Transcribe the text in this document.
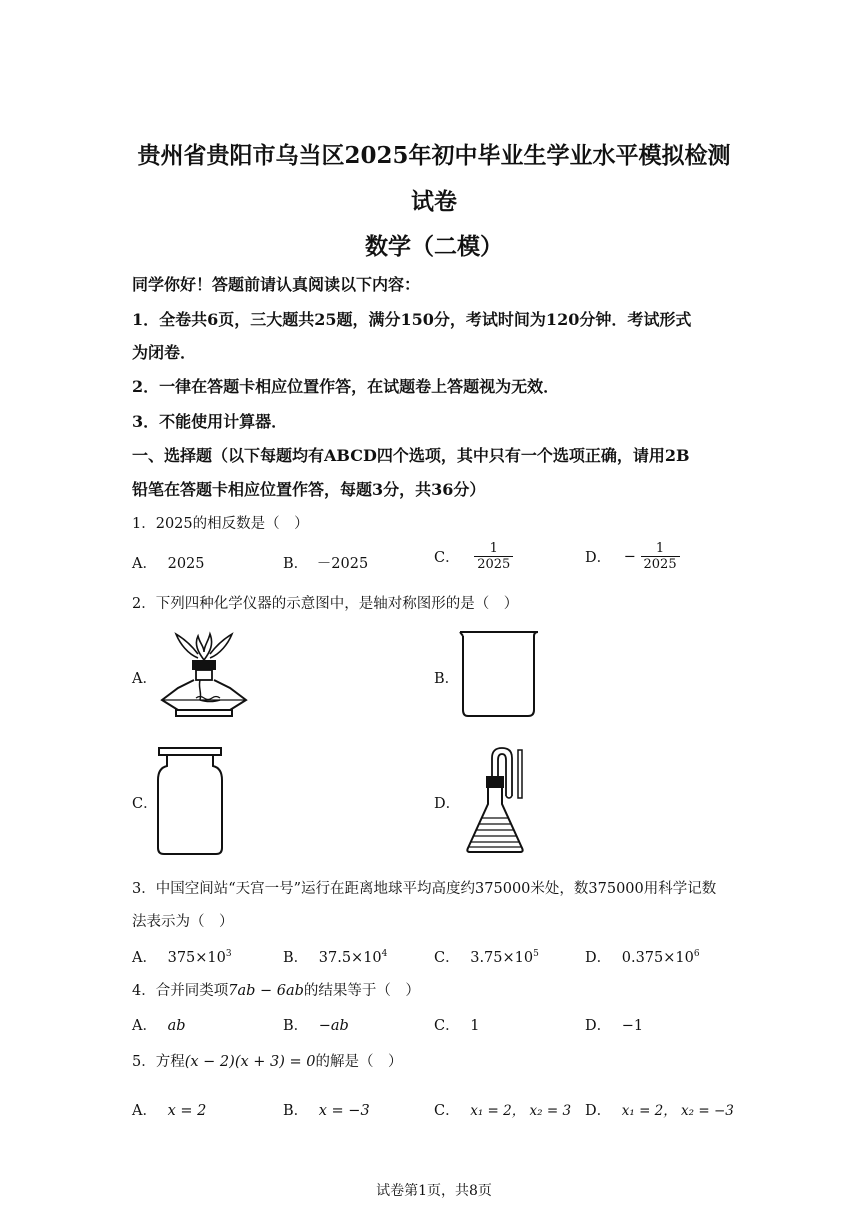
贵州省贵阳市乌当区2025年初中毕业生学业水平模拟检测
试卷
数学（二模）
同学你好！答题前请认真阅读以下内容：
1．全卷共6页，三大题共25题，满分150分，考试时间为120分钟．考试形式
为闭卷．
2．一律在答题卡相应位置作答，在试题卷上答题视为无效．
3．不能使用计算器．
一、选择题（以下每题均有ABCD四个选项，其中只有一个选项正确，请用2B
铅笔在答题卡相应位置作答，每题3分，共36分）
1．2025的相反数是（　）
A． 2025	B． －2025	C． $\frac{1}{2025}$	D． − $\frac{1}{2025}$
2．下列四种化学仪器的示意图中，是轴对称图形的是（　）
A．	B．
C．	D．
3．中国空间站“天宫一号”运行在距离地球平均高度约375000米处，数375000用科学记数
法表示为（　）
A． $375\times 10^3$	B． $37.5\times 10^4$	C． $3.75\times 10^5$	D． $0.375\times 10^6$
4．合并同类项7ab − 6ab的结果等于（　）
A． ab	B． −ab	C． 1	D． −1
5．方程(x − 2)(x + 3) = 0的解是（　）
A． x = 2	B． x = −3	C． x₁ = 2， x₂ = 3 D． x₁ = 2， x₂ = −3
试卷第1页，共8页
